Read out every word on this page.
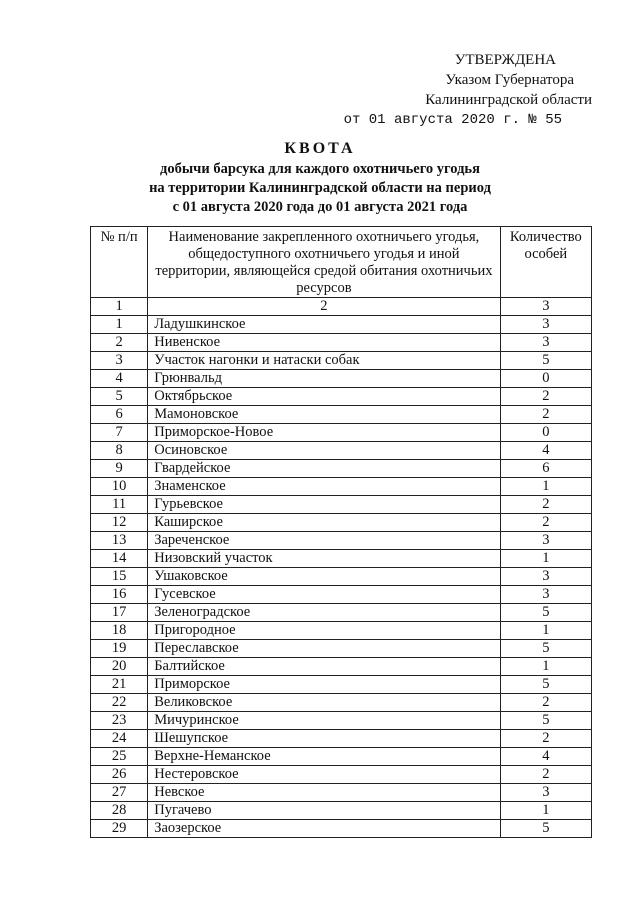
УТВЕРЖДЕНА
Указом Губернатора
Калининградской области
от 01 августа 2020 г. № 55
КВОТА
добычи барсука для каждого охотничьего угодья
на территории Калининградской области на период
с 01 августа 2020 года до 01 августа 2021 года
№ п/п	Наименование закрепленного охотничьего угодья, общедоступного охотничьего угодья и иной территории, являющейся средой обитания охотничьих ресурсов	Количество особей
1	2	3
1	Ладушкинское	3
2	Нивенское	3
3	Участок нагонки и натаски собак	5
4	Грюнвальд	0
5	Октябрьское	2
6	Мамоновское	2
7	Приморское-Новое	0
8	Осиновское	4
9	Гвардейское	6
10	Знаменское	1
11	Гурьевское	2
12	Каширское	2
13	Зареченское	3
14	Низовский участок	1
15	Ушаковское	3
16	Гусевское	3
17	Зеленоградское	5
18	Пригородное	1
19	Переславское	5
20	Балтийское	1
21	Приморское	5
22	Великовское	2
23	Мичуринское	5
24	Шешупское	2
25	Верхне-Неманское	4
26	Нестеровское	2
27	Невское	3
28	Пугачево	1
29	Заозерское	5
